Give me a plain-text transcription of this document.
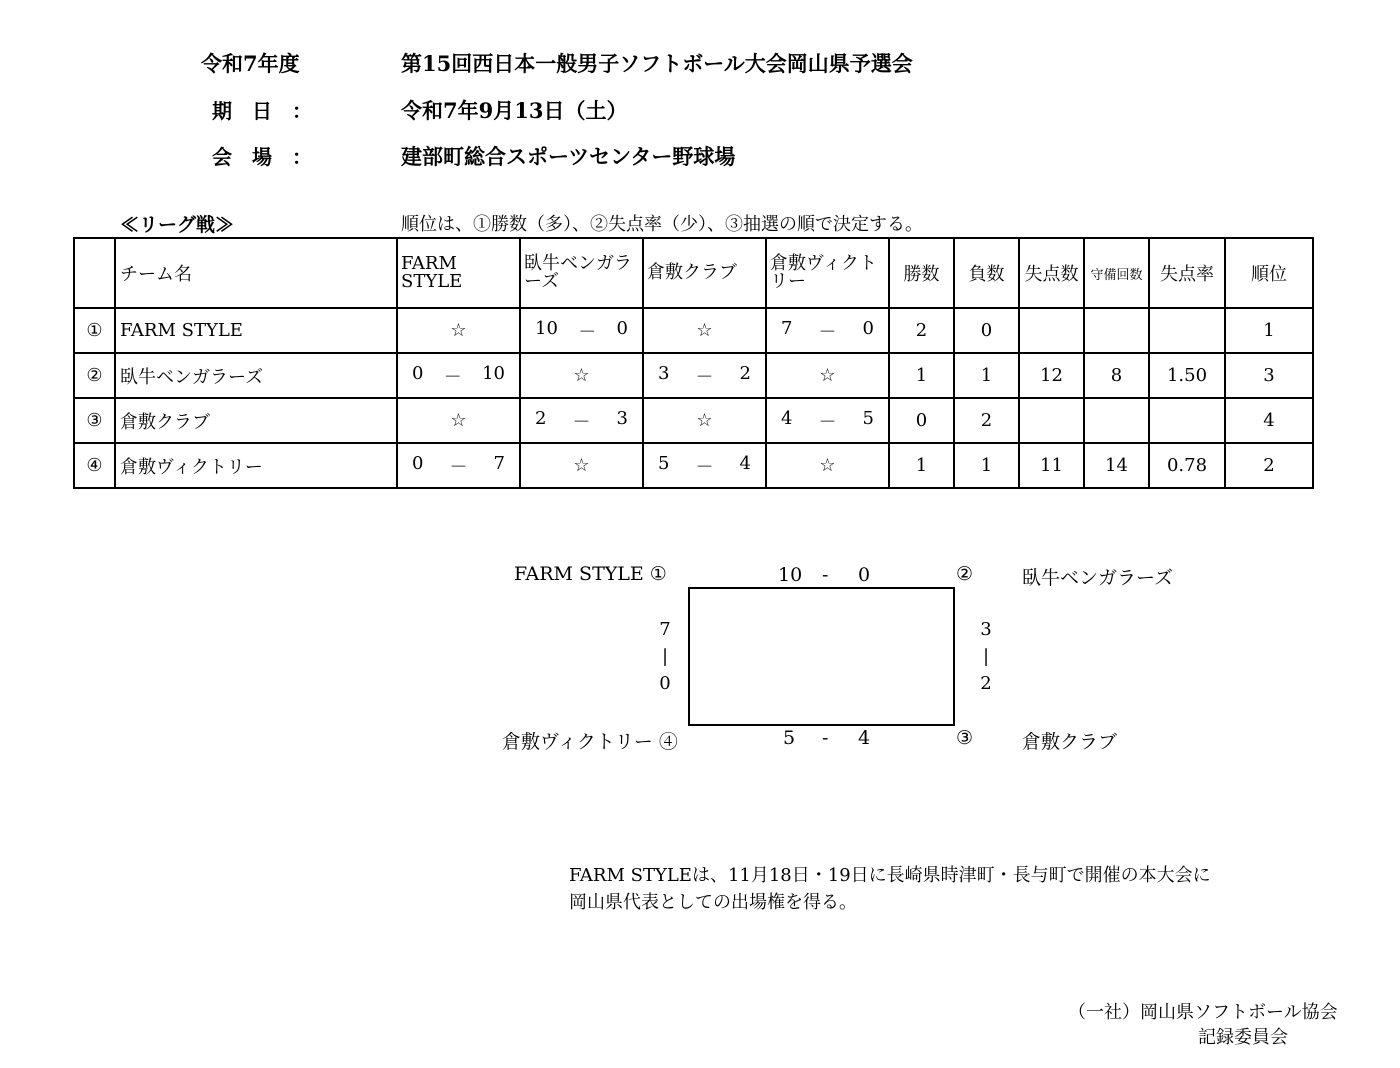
令和7年度	第15回西日本一般男子ソフトボール大会岡山県予選会
期　日　：	令和7年9月13日（土）
会　場　：	建部町総合スポーツセンター野球場
≪リーグ戦≫	順位は、①勝数（多）、②失点率（少）、③抽選の順で決定する。
	チーム名	FARM STYLE	臥牛ベンガラーズ	倉敷クラブ	倉敷ヴィクトリー	勝数	負数	失点数	守備回数	失点率	順位
①	FARM STYLE	☆	10 － 0	☆	7 － 0	2	0				1
②	臥牛ベンガラーズ	0 － 10	☆	3 － 2	☆	1	1	12	8	1.50	3
③	倉敷クラブ	☆	2 － 3	☆	4 － 5	0	2				4
④	倉敷ヴィクトリー	0 － 7	☆	5 － 4	☆	1	1	11	14	0.78	2
FARM STYLE ①	②	臥牛ベンガラーズ
倉敷ヴィクトリー ④	③	倉敷クラブ
10 - 0
5 - 4
7
|
0
3
|
2
FARM STYLEは、11月18日・19日に長崎県時津町・長与町で開催の本大会に
岡山県代表としての出場権を得る。
（一社）岡山県ソフトボール協会
記録委員会
